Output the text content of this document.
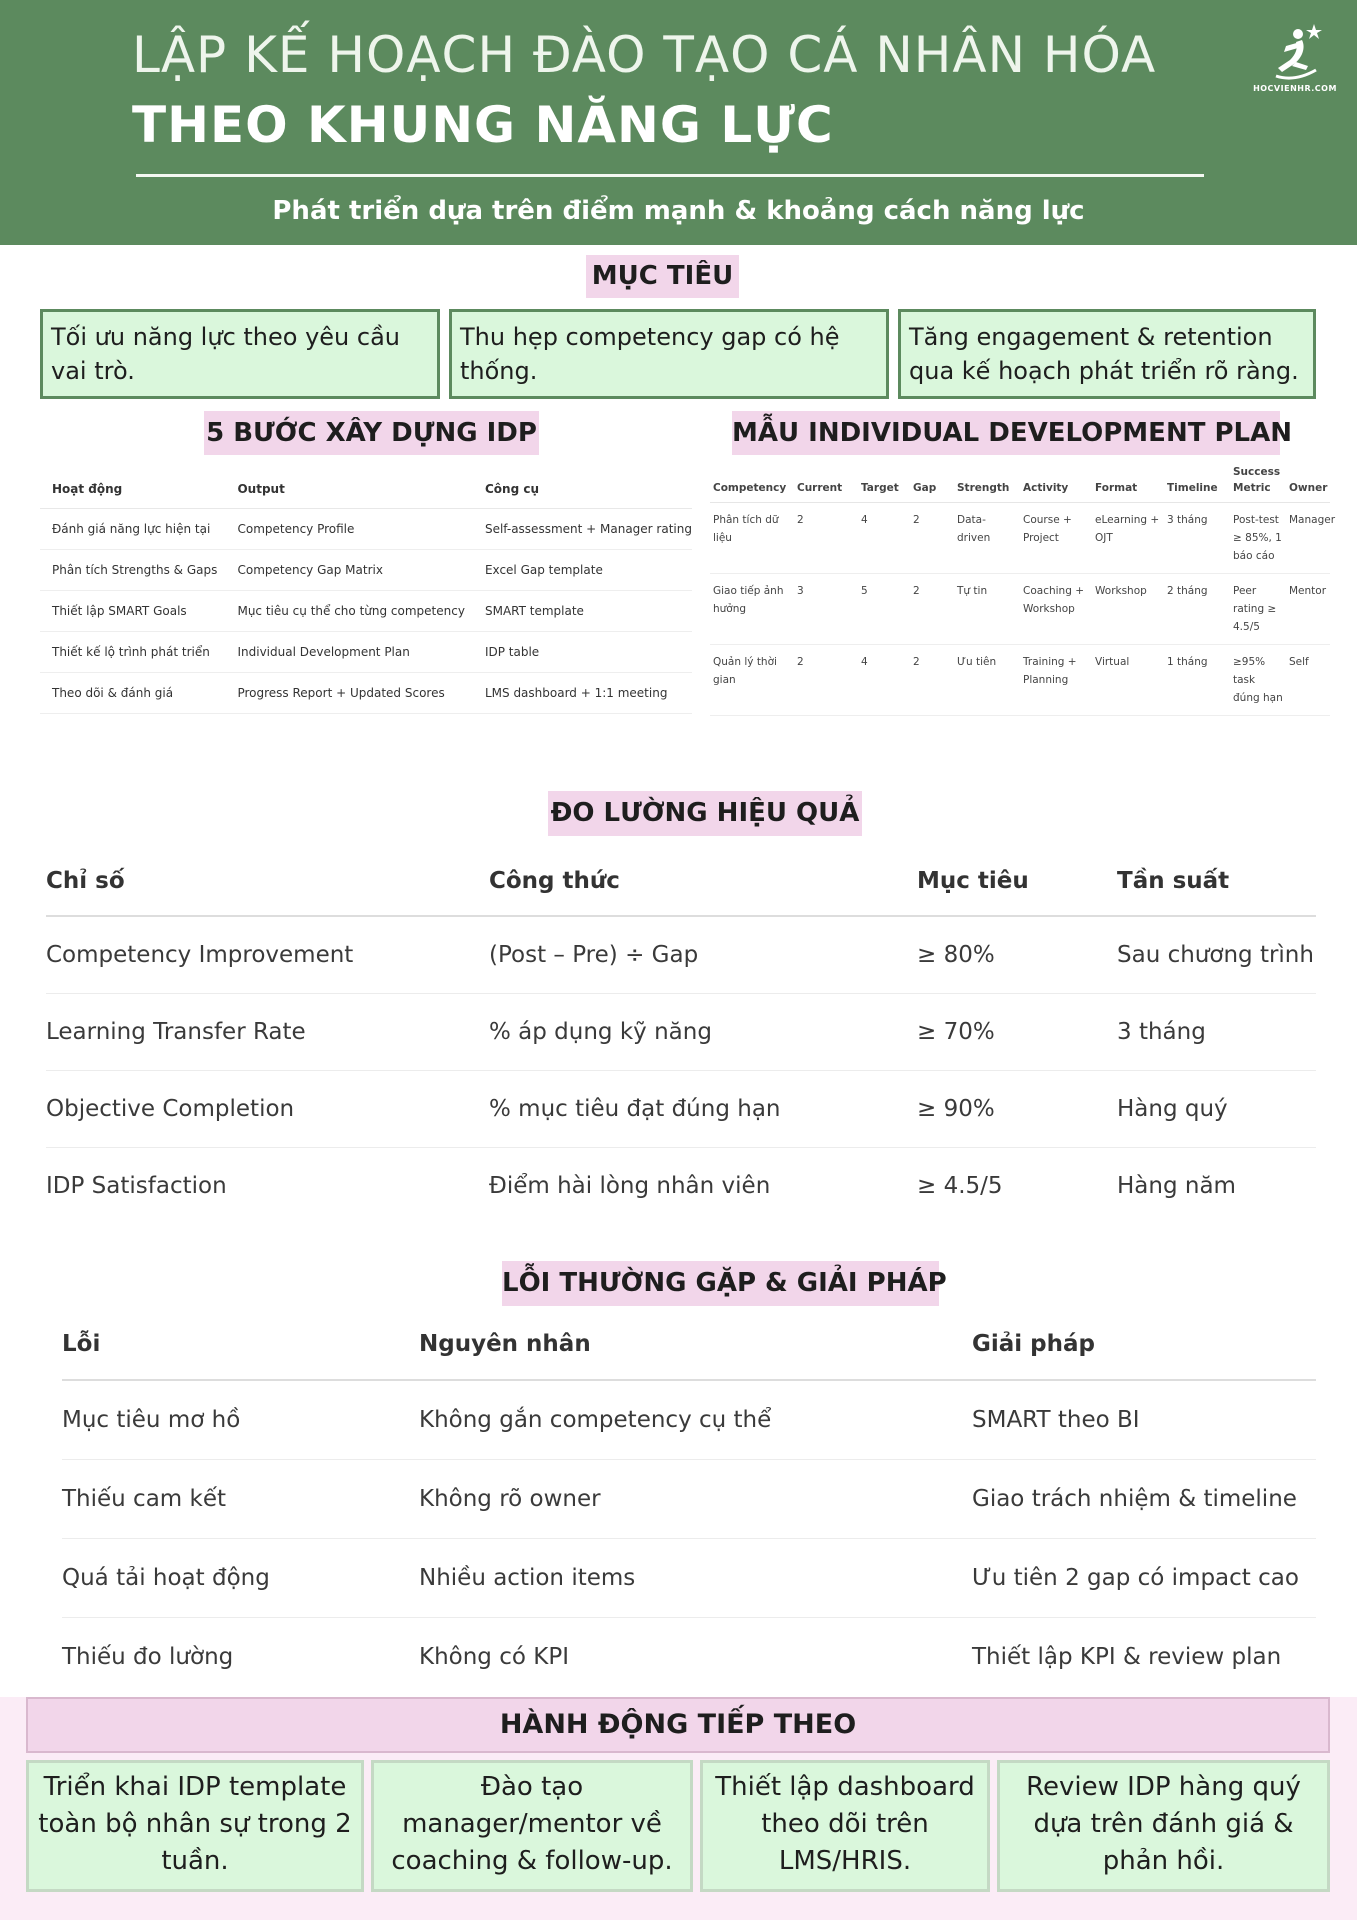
LẬP KẾ HOẠCH ĐÀO TẠO CÁ NHÂN HÓA
THEO KHUNG NĂNG LỰC
Phát triển dựa trên điểm mạnh & khoảng cách năng lực
HOCVIENHR.COM
MỤC TIÊU
Tối ưu năng lực theo yêu cầu vai trò.
Thu hẹp competency gap có hệ thống.
Tăng engagement & retention qua kế hoạch phát triển rõ ràng.
5 BƯỚC XÂY DỰNG IDP
Hoạt động	Output	Công cụ
Đánh giá năng lực hiện tại	Competency Profile	Self-assessment + Manager rating
Phân tích Strengths & Gaps	Competency Gap Matrix	Excel Gap template
Thiết lập SMART Goals	Mục tiêu cụ thể cho từng competency	SMART template
Thiết kế lộ trình phát triển	Individual Development Plan	IDP table
Theo dõi & đánh giá	Progress Report + Updated Scores	LMS dashboard + 1:1 meeting
MẪU INDIVIDUAL DEVELOPMENT PLAN
Competency	Current	Target	Gap	Strength	Activity	Format	Timeline	Success Metric	Owner
Phân tích dữ liệu	2	4	2	Data-driven	Course + Project	eLearning + OJT	3 tháng	Post-test ≥ 85%, 1 báo cáo	Manager
Giao tiếp ảnh hưởng	3	5	2	Tự tin	Coaching + Workshop	Workshop	2 tháng	Peer rating ≥ 4.5/5	Mentor
Quản lý thời gian	2	4	2	Ưu tiên	Training + Planning	Virtual	1 tháng	≥95% task đúng hạn	Self
ĐO LƯỜNG HIỆU QUẢ
Chỉ số	Công thức	Mục tiêu	Tần suất
Competency Improvement	(Post – Pre) ÷ Gap	≥ 80%	Sau chương trình
Learning Transfer Rate	% áp dụng kỹ năng	≥ 70%	3 tháng
Objective Completion	% mục tiêu đạt đúng hạn	≥ 90%	Hàng quý
IDP Satisfaction	Điểm hài lòng nhân viên	≥ 4.5/5	Hàng năm
LỖI THƯỜNG GẶP & GIẢI PHÁP
Lỗi	Nguyên nhân	Giải pháp
Mục tiêu mơ hồ	Không gắn competency cụ thể	SMART theo BI
Thiếu cam kết	Không rõ owner	Giao trách nhiệm & timeline
Quá tải hoạt động	Nhiều action items	Ưu tiên 2 gap có impact cao
Thiếu đo lường	Không có KPI	Thiết lập KPI & review plan
HÀNH ĐỘNG TIẾP THEO
Triển khai IDP template
toàn bộ nhân sự trong 2
tuần.
Đào tạo
manager/mentor về
coaching & follow-up.
Thiết lập dashboard
theo dõi trên
LMS/HRIS.
Review IDP hàng quý
dựa trên đánh giá &
phản hồi.
